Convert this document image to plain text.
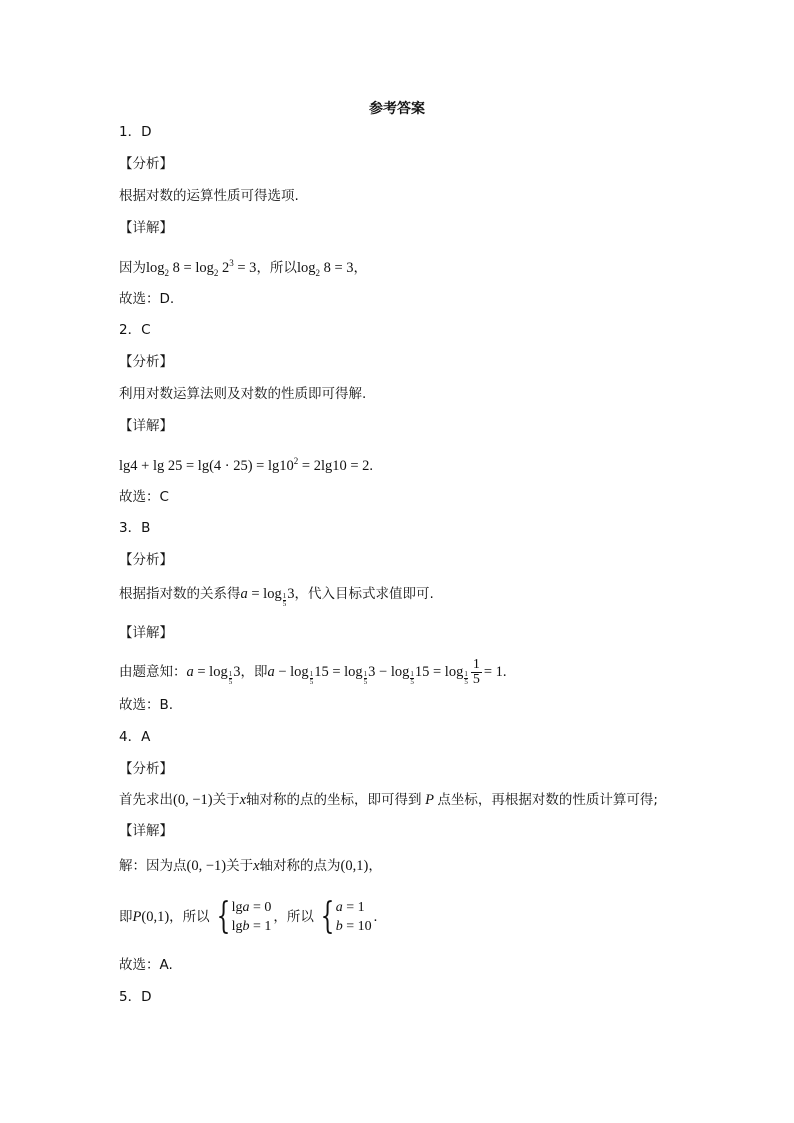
参考答案
1．D
【分析】
根据对数的运算性质可得选项.
【详解】
因为$\log_2 8 = \log_2 2^3 = 3$，所以$\log_2 8 = 3$，
故选：D.
2．C
【分析】
利用对数运算法则及对数的性质即可得解.
【详解】
$\lg 4 + \lg 25 = \lg(4 \cdot 25) = \lg 10^2 = 2\lg 10 = 2$.
故选：C
3．B
【分析】
根据指对数的关系得$a = \log\frac{1}{5} 3$，代入目标式求值即可.
【详解】
由题意知：$a = \log\frac{1}{5} 3$，即$a - \log\frac{1}{5} 15 = \log\frac{1}{5} 3 - \log\frac{1}{5} 15 = \log\frac{1}{5} \frac{1}{5} = 1$.
故选：B.
4．A
【分析】
首先求出(0, −1)关于x轴对称的点的坐标，即可得到 P 点坐标，再根据对数的性质计算可得;
【详解】
解：因为点(0, −1)关于x轴对称的点为(0,1)，
即P(0,1)，所以 { lga = 0
lgb = 1
，所以 { a = 1
b = 10
.
故选：A.
5．D
